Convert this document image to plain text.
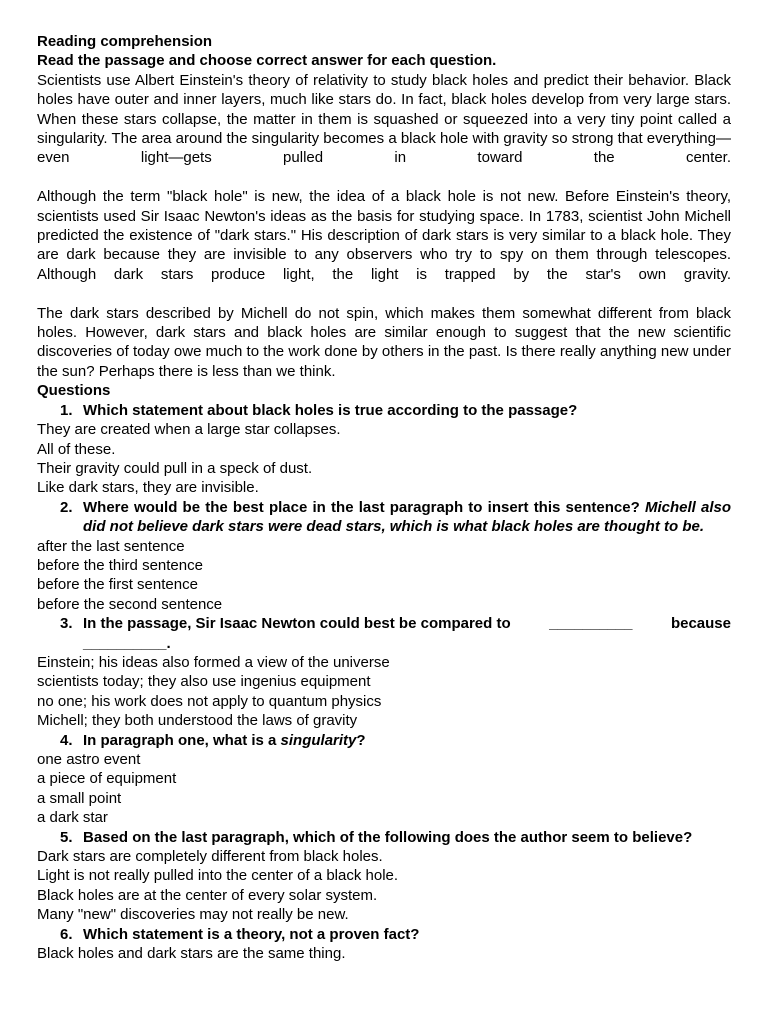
Reading comprehension
Read the passage and choose correct answer for each question.

Scientists use Albert Einstein's theory of relativity to study black holes and predict their behavior. Black holes have outer and inner layers, much like stars do. In fact, black holes develop from very large stars. When these stars collapse, the matter in them is squashed or squeezed into a very tiny point called a singularity. The area around the singularity becomes a black hole with gravity so strong that everything—even light—gets pulled in toward the center.

Although the term "black hole" is new, the idea of a black hole is not new. Before Einstein's theory, scientists used Sir Isaac Newton's ideas as the basis for studying space. In 1783, scientist John Michell predicted the existence of "dark stars." His description of dark stars is very similar to a black hole. They are dark because they are invisible to any observers who try to spy on them through telescopes. Although dark stars produce light, the light is trapped by the star's own gravity.

The dark stars described by Michell do not spin, which makes them somewhat different from black holes. However, dark stars and black holes are similar enough to suggest that the new scientific discoveries of today owe much to the work done by others in the past. Is there really anything new under the sun? Perhaps there is less than we think.

Questions
1. Which statement about black holes is true according to the passage?
They are created when a large star collapses.
All of these.
Their gravity could pull in a speck of dust.
Like dark stars, they are invisible.
2. Where would be the best place in the last paragraph to insert this sentence? Michell also did not believe dark stars were dead stars, which is what black holes are thought to be.
after the last sentence
before the third sentence
before the first sentence
before the second sentence
3. In the passage, Sir Isaac Newton could best be compared to	__________	because
__________.
Einstein; his ideas also formed a view of the universe
scientists today; they also use ingenius equipment
no one; his work does not apply to quantum physics
Michell; they both understood the laws of gravity
4. In paragraph one, what is a singularity?
one astro event
a piece of equipment
a small point
a dark star
5. Based on the last paragraph, which of the following does the author seem to believe?
Dark stars are completely different from black holes.
Light is not really pulled into the center of a black hole.
Black holes are at the center of every solar system.
Many "new" discoveries may not really be new.
6. Which statement is a theory, not a proven fact?
Black holes and dark stars are the same thing.
